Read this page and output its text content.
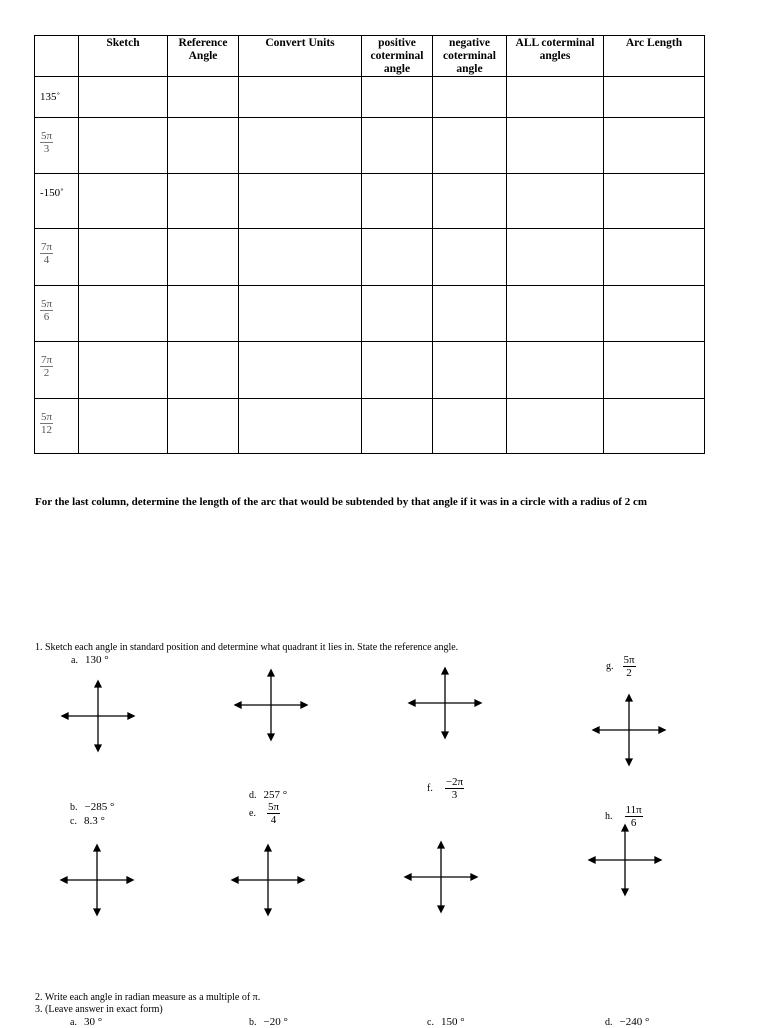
	Sketch	Reference Angle	Convert Units	positive coterminal angle	negative coterminal angle	ALL coterminal angles	Arc Length
135˚							

$\frac{5\pi}{3}$

-150˚							

$\frac{7\pi}{4}$

$\frac{5\pi}{6}$

$\frac{7\pi}{2}$

$\frac{5\pi}{12}$

For the last column, determine the length of the arc that would be subtended by that angle if it was in a circle with a radius of 2 cm
1. Sketch each angle in standard position and determine what quadrant it lies in. State the reference angle.
a. 130 °
g. $\frac{5\pi}{2}$
b. −285 °
c. 8.3 °
d. 257 °
e. $\frac{5\pi}{4}$
f. $\frac{-2\pi}{3}$
h. $\frac{11\pi}{6}$
2. Write each angle in radian measure as a multiple of π.
3. (Leave answer in exact form)
a. 30 °	b. −20 °	c. 150 °	d. −240 °
